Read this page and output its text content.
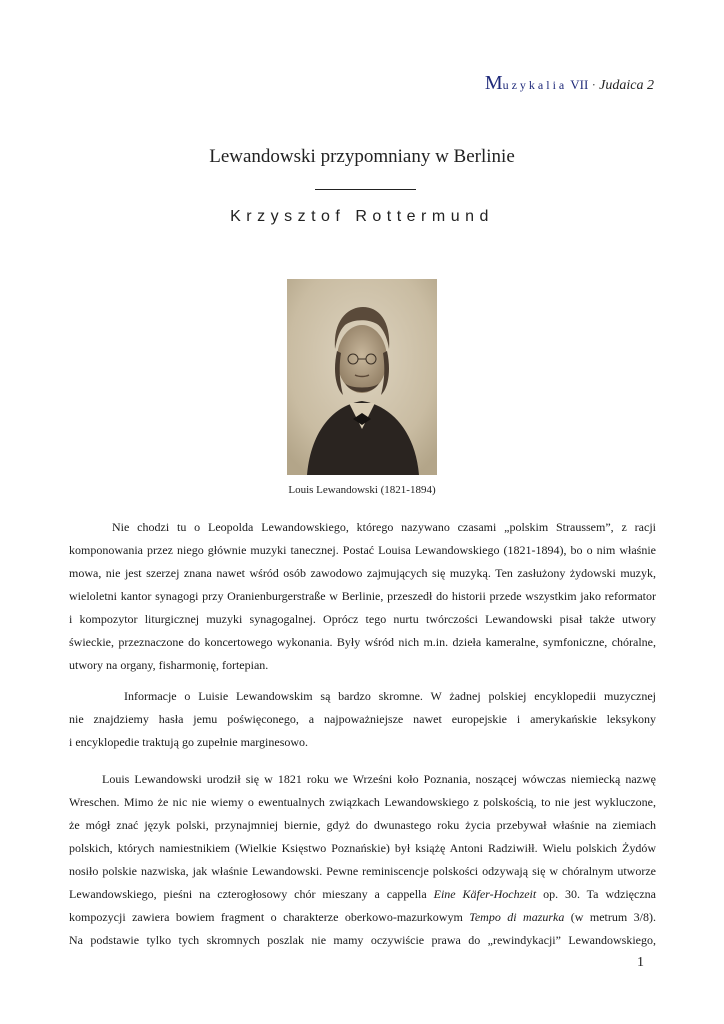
Muzykalia VII · Judaica 2
Lewandowski przypomniany w Berlinie
Krzysztof Rottermund
Louis Lewandowski (1821-1894)
Nie chodzi tu o Leopolda Lewandowskiego, którego nazywano czasami „polskim Straussem”, z racji
komponowania przez niego głównie muzyki tanecznej. Postać Louisa Lewandowskiego (1821-1894), bo o nim właśnie
mowa, nie jest szerzej znana nawet wśród osób zawodowo zajmujących się muzyką. Ten zasłużony żydowski muzyk,
wieloletni kantor synagogi przy Oranienburgerstraße w Berlinie, przeszedł do historii przede wszystkim jako reformator
i kompozytor liturgicznej muzyki synagogalnej. Oprócz tego nurtu twórczości Lewandowski pisał także utwory
świeckie, przeznaczone do koncertowego wykonania. Były wśród nich m.in. dzieła kameralne, symfoniczne, chóralne,
utwory na organy, fisharmonię, fortepian.
Informacje o Luisie Lewandowskim są bardzo skromne. W żadnej polskiej encyklopedii muzycznej
nie znajdziemy hasła jemu poświęconego, a najpoważniejsze nawet europejskie i amerykańskie leksykony
i encyklopedie traktują go zupełnie marginesowo.
Louis Lewandowski urodził się w 1821 roku we Wrześni koło Poznania, noszącej wówczas niemiecką nazwę
Wreschen. Mimo że nic nie wiemy o ewentualnych związkach Lewandowskiego z polskością, to nie jest wykluczone,
że mógł znać język polski, przynajmniej biernie, gdyż do dwunastego roku życia przebywał właśnie na ziemiach
polskich, których namiestnikiem (Wielkie Księstwo Poznańskie) był książę Antoni Radziwiłł. Wielu polskich Żydów
nosiło polskie nazwiska, jak właśnie Lewandowski. Pewne reminiscencje polskości odzywają się w chóralnym utworze
Lewandowskiego, pieśni na czterogłosowy chór mieszany a cappella Eine Käfer-Hochzeit op. 30. Ta wdzięczna
kompozycji zawiera bowiem fragment o charakterze oberkowo-mazurkowym Tempo di mazurka (w metrum 3/8).
Na podstawie tylko tych skromnych poszlak nie mamy oczywiście prawa do „rewindykacji” Lewandowskiego,
1
